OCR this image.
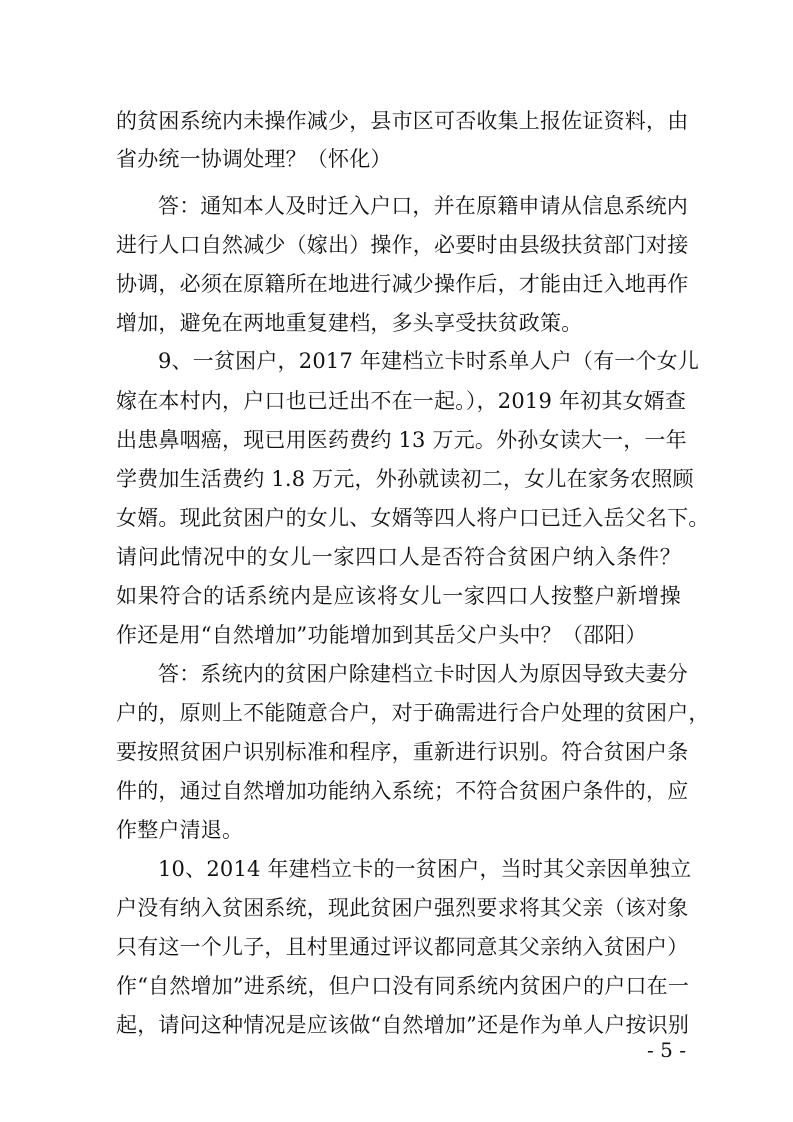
的贫困系统内未操作减少，县市区可否收集上报佐证资料，由
省办统一协调处理？（怀化）
答：通知本人及时迁入户口，并在原籍申请从信息系统内
进行人口自然减少（嫁出）操作，必要时由县级扶贫部门对接
协调，必须在原籍所在地进行减少操作后，才能由迁入地再作
增加，避免在两地重复建档，多头享受扶贫政策。
9、一贫困户，2017 年建档立卡时系单人户（有一个女儿
嫁在本村内，户口也已迁出不在一起。），2019 年初其女婿查
出患鼻咽癌，现已用医药费约 13 万元。外孙女读大一，一年
学费加生活费约 1.8 万元，外孙就读初二，女儿在家务农照顾
女婿。现此贫困户的女儿、女婿等四人将户口已迁入岳父名下。
请问此情况中的女儿一家四口人是否符合贫困户纳入条件？
如果符合的话系统内是应该将女儿一家四口人按整户新增操
作还是用“自然增加”功能增加到其岳父户头中？（邵阳）
答：系统内的贫困户除建档立卡时因人为原因导致夫妻分
户的，原则上不能随意合户，对于确需进行合户处理的贫困户，
要按照贫困户识别标准和程序，重新进行识别。符合贫困户条
件的，通过自然增加功能纳入系统；不符合贫困户条件的，应
作整户清退。
10、2014 年建档立卡的一贫困户，当时其父亲因单独立
户没有纳入贫困系统，现此贫困户强烈要求将其父亲（该对象
只有这一个儿子，且村里通过评议都同意其父亲纳入贫困户）
作“自然增加”进系统，但户口没有同系统内贫困户的户口在一
起，请问这种情况是应该做“自然增加”还是作为单人户按识别
- 5 -
